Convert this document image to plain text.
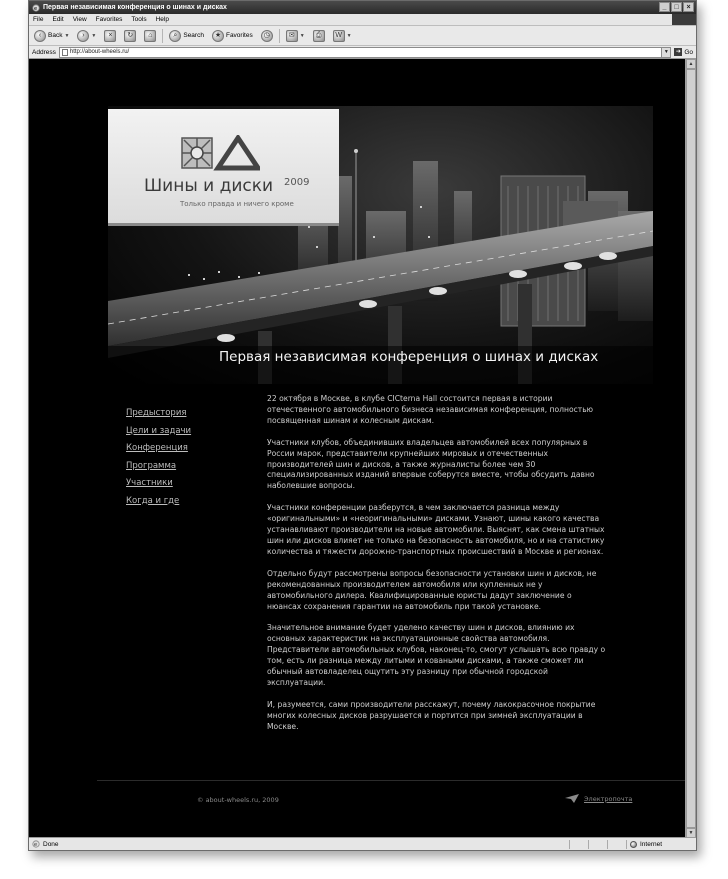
e Первая независимая конференция о шинах и дисках	_	□	×
File Edit View Favorites Tools Help
‹	Back ▼	›	▼	×	↻	⌂	⌕ Search	★ Favorites	◷	✉	▼	⎙	W ▼
Address http://about-wheels.ru/	▼ ➜ Go
Шины и диски 2009
Только правда и ничего кроме
Первая независимая конференция о шинах и дисках
Предыстория
Цели и задачи
Конференция
Программа
Участники
Когда и где

22 октября в Москве, в клубе CICterna Hall состоится первая в истории отечественного автомобильного бизнеса независимая конференция, полностью посвященная шинам и колесным дискам.

Участники клубов, объединивших владельцев автомобилей всех популярных в России марок, представители крупнейших мировых и отечественных производителей шин и дисков, а также журналисты более чем 30 специализированных изданий впервые соберутся вместе, чтобы обсудить давно наболевшие вопросы.

Участники конференции разберутся, в чем заключается разница между «оригинальными» и «неоригинальными» дисками. Узнают, шины какого качества устанавливают производители на новые автомобили. Выяснят, как смена штатных шин или дисков влияет не только на безопасность автомобиля, но и на статистику количества и тяжести дорожно-транспортных происшествий в Москве и регионах.

Отдельно будут рассмотрены вопросы безопасности установки шин и дисков, не рекомендованных производителем автомобиля или купленных не у автомобильного дилера. Квалифицированные юристы дадут заключение о нюансах сохранения гарантии на автомобиль при такой установке.

Значительное внимание будет уделено качеству шин и дисков, влиянию их основных характеристик на эксплуатационные свойства автомобиля. Представители автомобильных клубов, наконец-то, смогут услышать всю правду о том, есть ли разница между литыми и коваными дисками, а также сможет ли обычный автовладелец ощутить эту разницу при обычной городской эксплуатации.

И, разумеется, сами производители расскажут, почему лакокрасочное покрытие многих колесных дисков разрушается и портится при зимней эксплуатации в Москве.

© about-wheels.ru, 2009	Электропочта
▲
▼
e Done	Internet
